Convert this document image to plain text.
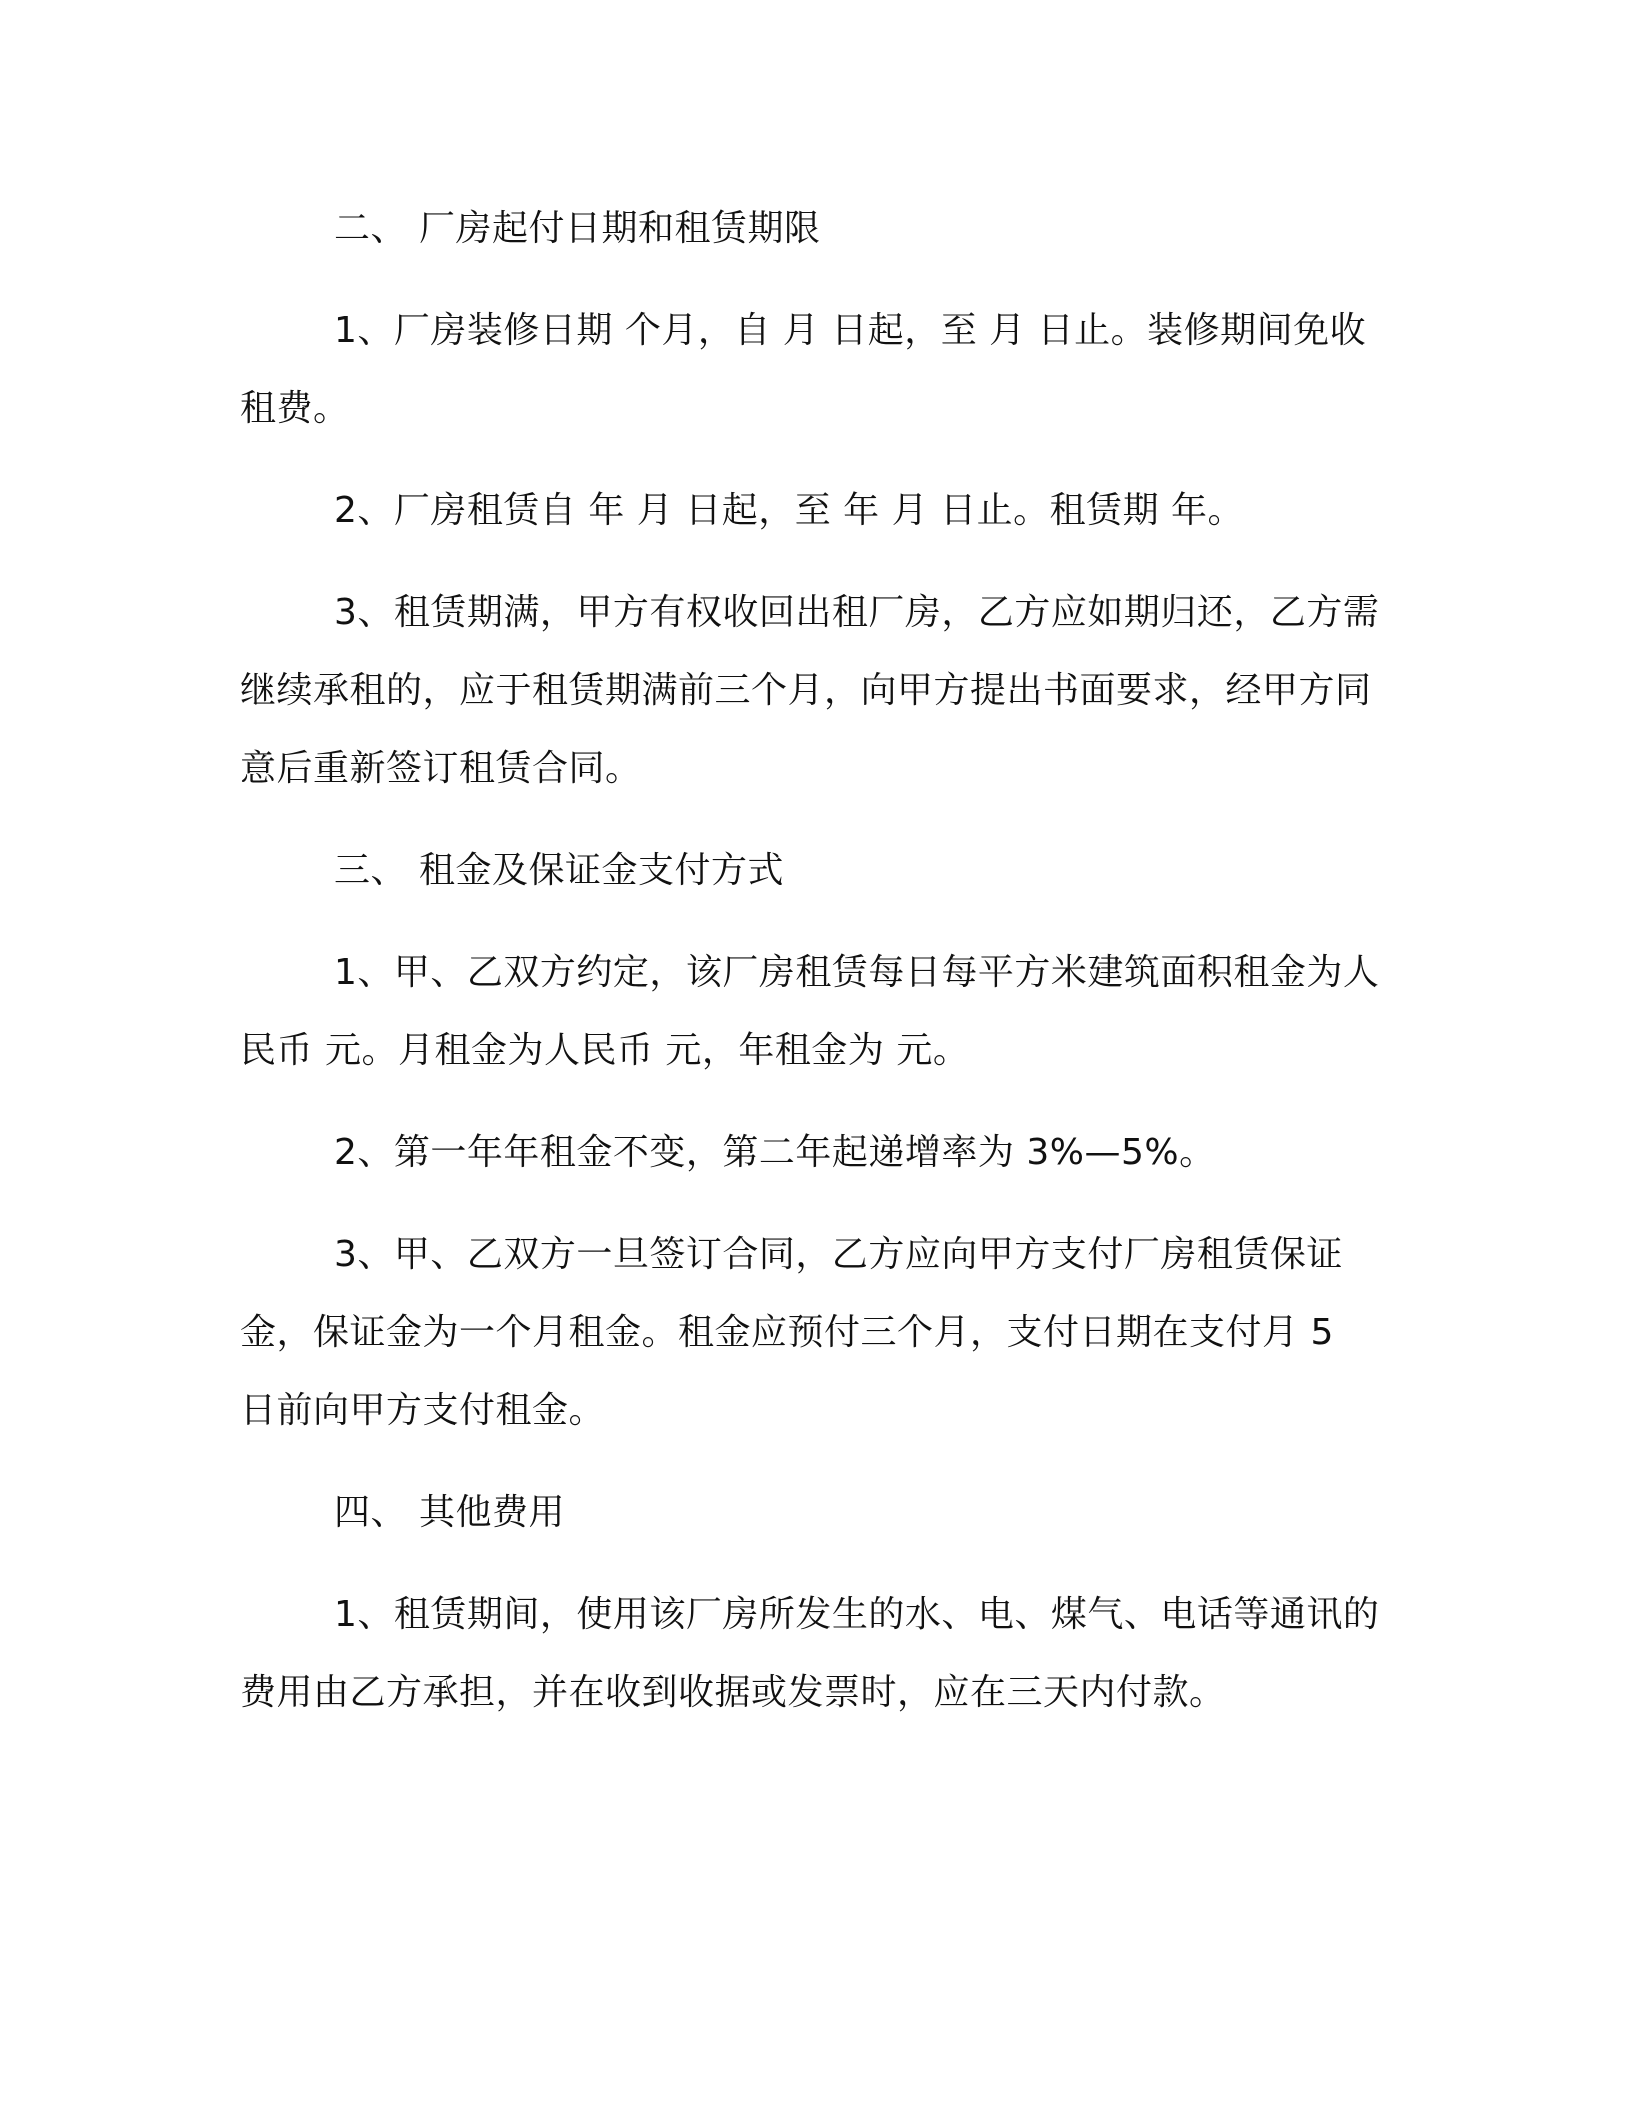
二、 厂房起付日期和租赁期限

1、厂房装修日期 个月，自 月 日起，至 月 日止。装修期间免收租费。

2、厂房租赁自 年 月 日起，至 年 月 日止。租赁期 年。

3、租赁期满，甲方有权收回出租厂房，乙方应如期归还，乙方需继续承租的，应于租赁期满前三个月，向甲方提出书面要求，经甲方同意后重新签订租赁合同。

三、 租金及保证金支付方式

1、甲、乙双方约定，该厂房租赁每日每平方米建筑面积租金为人民币 元。月租金为人民币 元，年租金为 元。

2、第一年年租金不变，第二年起递增率为 3%—5%。

3、甲、乙双方一旦签订合同，乙方应向甲方支付厂房租赁保证金，保证金为一个月租金。租金应预付三个月，支付日期在支付月 5 日前向甲方支付租金。

四、 其他费用

1、租赁期间，使用该厂房所发生的水、电、煤气、电话等通讯的费用由乙方承担，并在收到收据或发票时，应在三天内付款。
